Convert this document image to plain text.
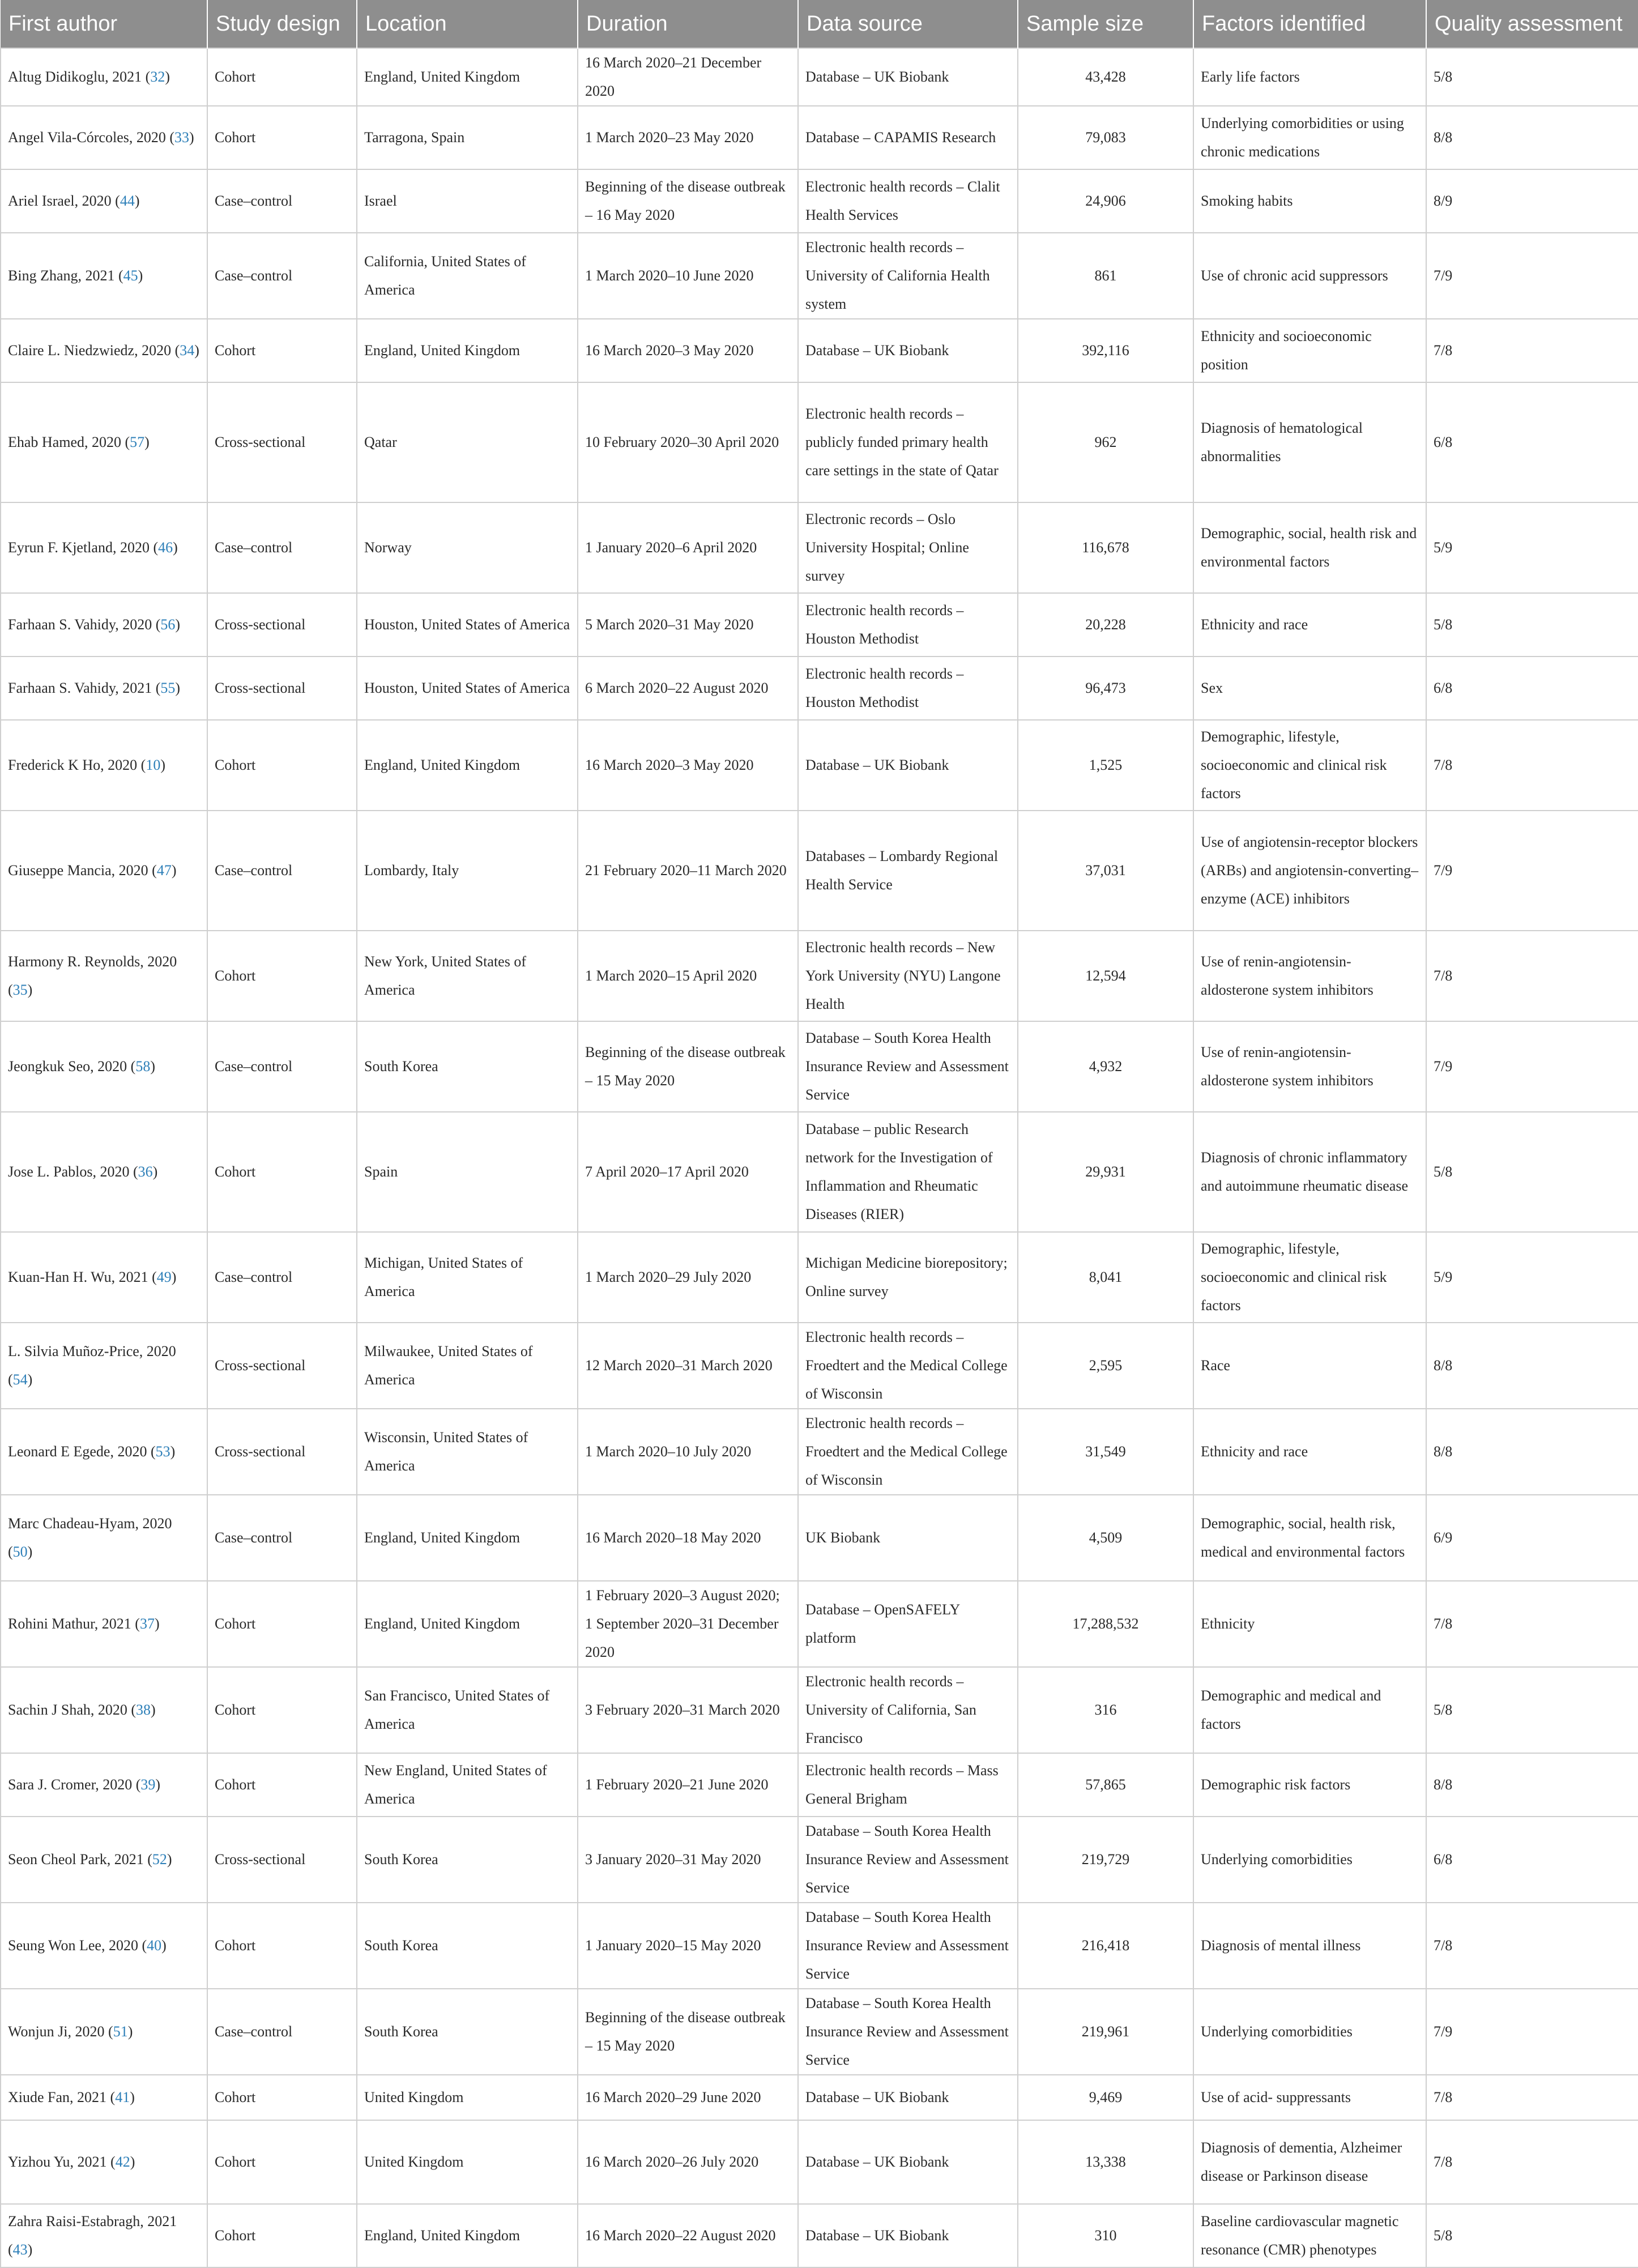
First author	Study design	Location	Duration	Data source	Sample size	Factors identified	Quality assessment
Altug Didikoglu, 2021 (32)	Cohort	England, United Kingdom	16 March 2020–21 December 2020	Database – UK Biobank	43,428	Early life factors	5/8
Angel Vila-Córcoles, 2020 (33)	Cohort	Tarragona, Spain	1 March 2020–23 May 2020	Database – CAPAMIS Research	79,083	Underlying comorbidities or using chronic medications	8/8
Ariel Israel, 2020 (44)	Case–control	Israel	Beginning of the disease outbreak – 16 May 2020	Electronic health records – Clalit Health Services	24,906	Smoking habits	8/9
Bing Zhang, 2021 (45)	Case–control	California, United States of America	1 March 2020–10 June 2020	Electronic health records – University of California Health system	861	Use of chronic acid suppressors	7/9
Claire L. Niedzwiedz, 2020 (34)	Cohort	England, United Kingdom	16 March 2020–3 May 2020	Database – UK Biobank	392,116	Ethnicity and socioeconomic position	7/8
Ehab Hamed, 2020 (57)	Cross-sectional	Qatar	10 February 2020–30 April 2020	Electronic health records – publicly funded primary health care settings in the state of Qatar	962	Diagnosis of hematological abnormalities	6/8
Eyrun F. Kjetland, 2020 (46)	Case–control	Norway	1 January 2020–6 April 2020	Electronic records – Oslo University Hospital; Online survey	116,678	Demographic, social, health risk and environmental factors	5/9
Farhaan S. Vahidy, 2020 (56)	Cross-sectional	Houston, United States of America	5 March 2020–31 May 2020	Electronic health records – Houston Methodist	20,228	Ethnicity and race	5/8
Farhaan S. Vahidy, 2021 (55)	Cross-sectional	Houston, United States of America	6 March 2020–22 August 2020	Electronic health records – Houston Methodist	96,473	Sex	6/8
Frederick K Ho, 2020 (10)	Cohort	England, United Kingdom	16 March 2020–3 May 2020	Database – UK Biobank	1,525	Demographic, lifestyle, socioeconomic and clinical risk factors	7/8
Giuseppe Mancia, 2020 (47)	Case–control	Lombardy, Italy	21 February 2020–11 March 2020	Databases – Lombardy Regional Health Service	37,031	Use of angiotensin-receptor blockers (ARBs) and angiotensin-converting–enzyme (ACE) inhibitors	7/9
Harmony R. Reynolds, 2020 (35)	Cohort	New York, United States of America	1 March 2020–15 April 2020	Electronic health records – New York University (NYU) Langone Health	12,594	Use of renin-angiotensin-aldosterone system inhibitors	7/8
Jeongkuk Seo, 2020 (58)	Case–control	South Korea	Beginning of the disease outbreak – 15 May 2020	Database – South Korea Health Insurance Review and Assessment Service	4,932	Use of renin-angiotensin-aldosterone system inhibitors	7/9
Jose L. Pablos, 2020 (36)	Cohort	Spain	7 April 2020–17 April 2020	Database – public Research network for the Investigation of Inflammation and Rheumatic Diseases (RIER)	29,931	Diagnosis of chronic inflammatory and autoimmune rheumatic disease	5/8
Kuan-Han H. Wu, 2021 (49)	Case–control	Michigan, United States of America	1 March 2020–29 July 2020	Michigan Medicine biorepository; Online survey	8,041	Demographic, lifestyle, socioeconomic and clinical risk factors	5/9
L. Silvia Muñoz-Price, 2020 (54)	Cross-sectional	Milwaukee, United States of America	12 March 2020–31 March 2020	Electronic health records – Froedtert and the Medical College of Wisconsin	2,595	Race	8/8
Leonard E Egede, 2020 (53)	Cross-sectional	Wisconsin, United States of America	1 March 2020–10 July 2020	Electronic health records – Froedtert and the Medical College of Wisconsin	31,549	Ethnicity and race	8/8
Marc Chadeau-Hyam, 2020 (50)	Case–control	England, United Kingdom	16 March 2020–18 May 2020	UK Biobank	4,509	Demographic, social, health risk, medical and environmental factors	6/9
Rohini Mathur, 2021 (37)	Cohort	England, United Kingdom	1 February 2020–3 August 2020; 1 September 2020–31 December 2020	Database – OpenSAFELY platform	17,288,532	Ethnicity	7/8
Sachin J Shah, 2020 (38)	Cohort	San Francisco, United States of America	3 February 2020–31 March 2020	Electronic health records – University of California, San Francisco	316	Demographic and medical and factors	5/8
Sara J. Cromer, 2020 (39)	Cohort	New England, United States of America	1 February 2020–21 June 2020	Electronic health records – Mass General Brigham	57,865	Demographic risk factors	8/8
Seon Cheol Park, 2021 (52)	Cross-sectional	South Korea	3 January 2020–31 May 2020	Database – South Korea Health Insurance Review and Assessment Service	219,729	Underlying comorbidities	6/8
Seung Won Lee, 2020 (40)	Cohort	South Korea	1 January 2020–15 May 2020	Database – South Korea Health Insurance Review and Assessment Service	216,418	Diagnosis of mental illness	7/8
Wonjun Ji, 2020 (51)	Case–control	South Korea	Beginning of the disease outbreak – 15 May 2020	Database – South Korea Health Insurance Review and Assessment Service	219,961	Underlying comorbidities	7/9
Xiude Fan, 2021 (41)	Cohort	United Kingdom	16 March 2020–29 June 2020	Database – UK Biobank	9,469	Use of acid- suppressants	7/8
Yizhou Yu, 2021 (42)	Cohort	United Kingdom	16 March 2020–26 July 2020	Database – UK Biobank	13,338	Diagnosis of dementia, Alzheimer disease or Parkinson disease	7/8
Zahra Raisi-Estabragh, 2021 (43)	Cohort	England, United Kingdom	16 March 2020–22 August 2020	Database – UK Biobank	310	Baseline cardiovascular magnetic resonance (CMR) phenotypes	5/8
